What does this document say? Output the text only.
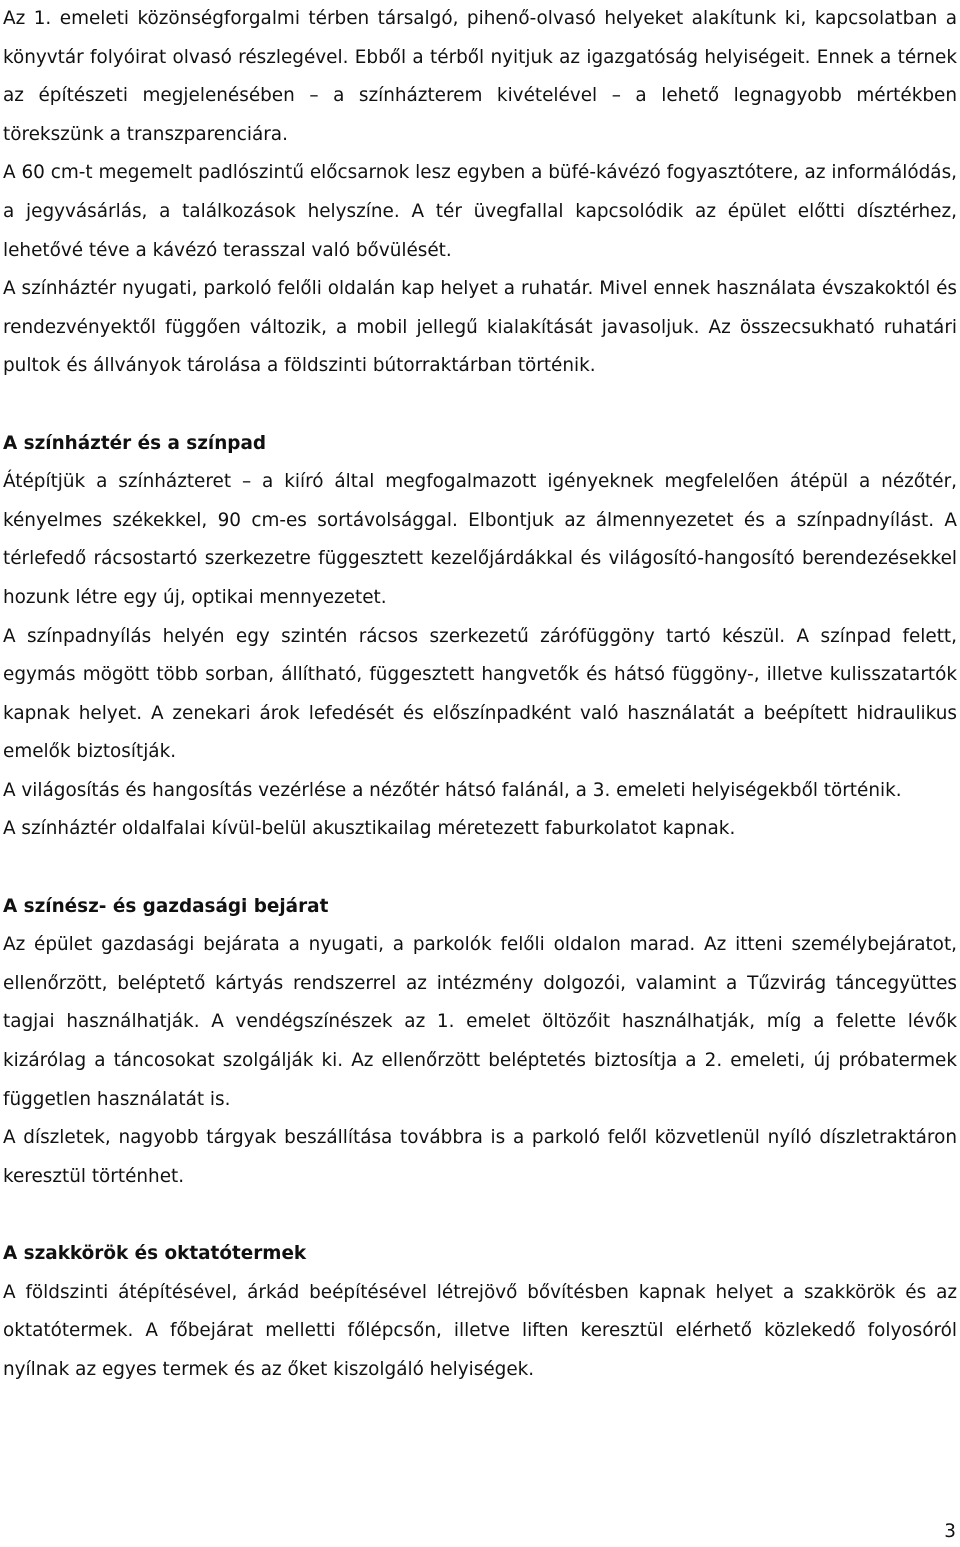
Az 1. emeleti közönségforgalmi térben társalgó, pihenő-olvasó helyeket alakítunk ki, kapcsolatban a könyvtár folyóirat olvasó részlegével. Ebből a térből nyitjuk az igazgatóság helyiségeit. Ennek a térnek az építészeti megjelenésében – a színházterem kivételével – a lehető legnagyobb mértékben törekszünk a transzparenciára.

A 60 cm-t megemelt padlószintű előcsarnok lesz egyben a büfé-kávézó fogyasztótere, az informálódás, a jegyvásárlás, a találkozások helyszíne. A tér üvegfallal kapcsolódik az épület előtti dísztérhez, lehetővé téve a kávézó terasszal való bővülését.

A színháztér nyugati, parkoló felőli oldalán kap helyet a ruhatár. Mivel ennek használata évszakoktól és rendezvényektől függően változik, a mobil jellegű kialakítását javasoljuk. Az összecsukható ruhatári pultok és állványok tárolása a földszinti bútorraktárban történik.

A színháztér és a színpad

Átépítjük a színházteret – a kiíró által megfogalmazott igényeknek megfelelően átépül a nézőtér, kényelmes székekkel, 90 cm-es sortávolsággal. Elbontjuk az álmennyezetet és a színpadnyílást. A térlefedő rácsostartó szerkezetre függesztett kezelőjárdákkal és világosító-hangosító berendezésekkel hozunk létre egy új, optikai mennyezetet.

A színpadnyílás helyén egy szintén rácsos szerkezetű zárófüggöny tartó készül. A színpad felett, egymás mögött több sorban, állítható, függesztett hangvetők és hátsó függöny-, illetve kulisszatartók kapnak helyet. A zenekari árok lefedését és előszínpadként való használatát a beépített hidraulikus emelők biztosítják.

A világosítás és hangosítás vezérlése a nézőtér hátsó falánál, a 3. emeleti helyiségekből történik.

A színháztér oldalfalai kívül-belül akusztikailag méretezett faburkolatot kapnak.

A színész- és gazdasági bejárat

Az épület gazdasági bejárata a nyugati, a parkolók felőli oldalon marad. Az itteni személybejáratot, ellenőrzött, beléptető kártyás rendszerrel az intézmény dolgozói, valamint a Tűzvirág táncegyüttes tagjai használhatják. A vendégszínészek az 1. emelet öltözőit használhatják, míg a felette lévők kizárólag a táncosokat szolgálják ki. Az ellenőrzött beléptetés biztosítja a 2. emeleti, új próbatermek független használatát is.

A díszletek, nagyobb tárgyak beszállítása továbbra is a parkoló felől közvetlenül nyíló díszletraktáron keresztül történhet.

A szakkörök és oktatótermek

A földszinti átépítésével, árkád beépítésével létrejövő bővítésben kapnak helyet a szakkörök és az oktatótermek. A főbejárat melletti főlépcsőn, illetve liften keresztül elérhető közlekedő folyosóról nyílnak az egyes termek és az őket kiszolgáló helyiségek.

3
